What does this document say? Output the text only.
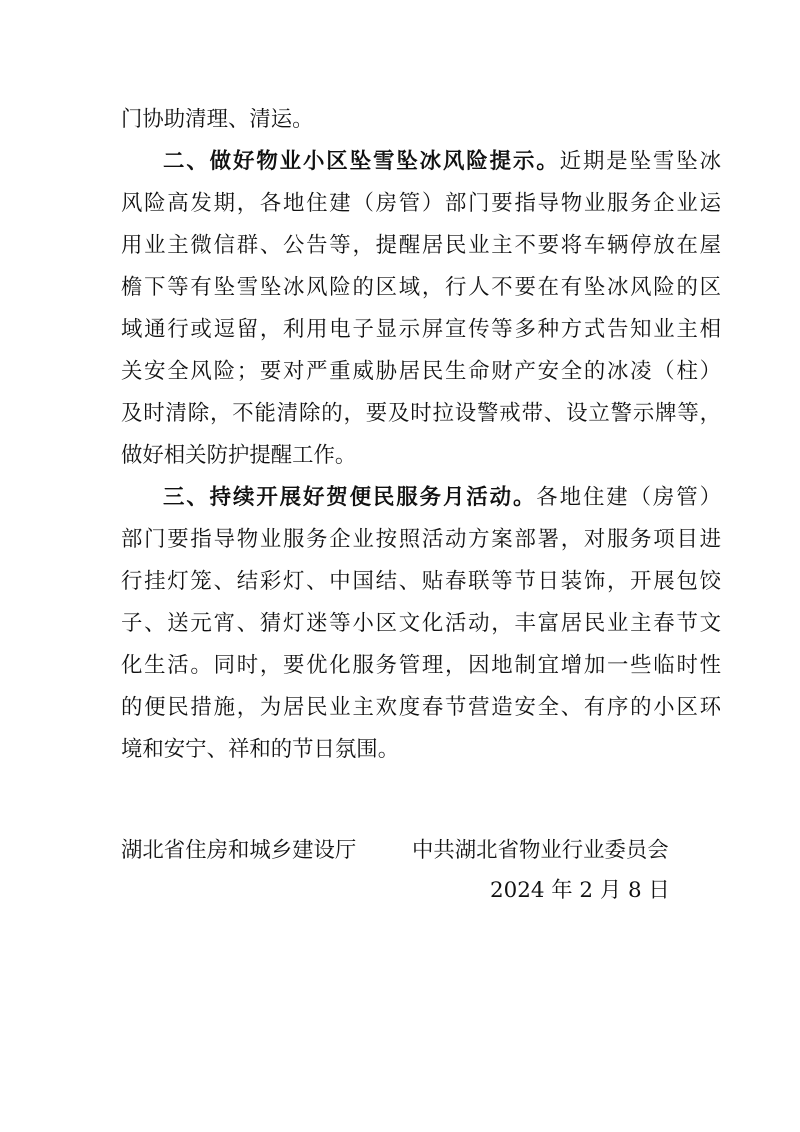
门协助清理、清运。
二、做好物业小区坠雪坠冰风险提示。近期是坠雪坠冰
风险高发期，各地住建（房管）部门要指导物业服务企业运
用业主微信群、公告等，提醒居民业主不要将车辆停放在屋
檐下等有坠雪坠冰风险的区域，行人不要在有坠冰风险的区
域通行或逗留，利用电子显示屏宣传等多种方式告知业主相
关安全风险；要对严重威胁居民生命财产安全的冰凌（柱）
及时清除，不能清除的，要及时拉设警戒带、设立警示牌等，
做好相关防护提醒工作。
三、持续开展好贺便民服务月活动。各地住建（房管）
部门要指导物业服务企业按照活动方案部署，对服务项目进
行挂灯笼、结彩灯、中国结、贴春联等节日装饰，开展包饺
子、送元宵、猜灯迷等小区文化活动，丰富居民业主春节文
化生活。同时，要优化服务管理，因地制宜增加一些临时性
的便民措施，为居民业主欢度春节营造安全、有序的小区环
境和安宁、祥和的节日氛围。
湖北省住房和城乡建设厅	中共湖北省物业行业委员会
2024 年 2 月 8 日
